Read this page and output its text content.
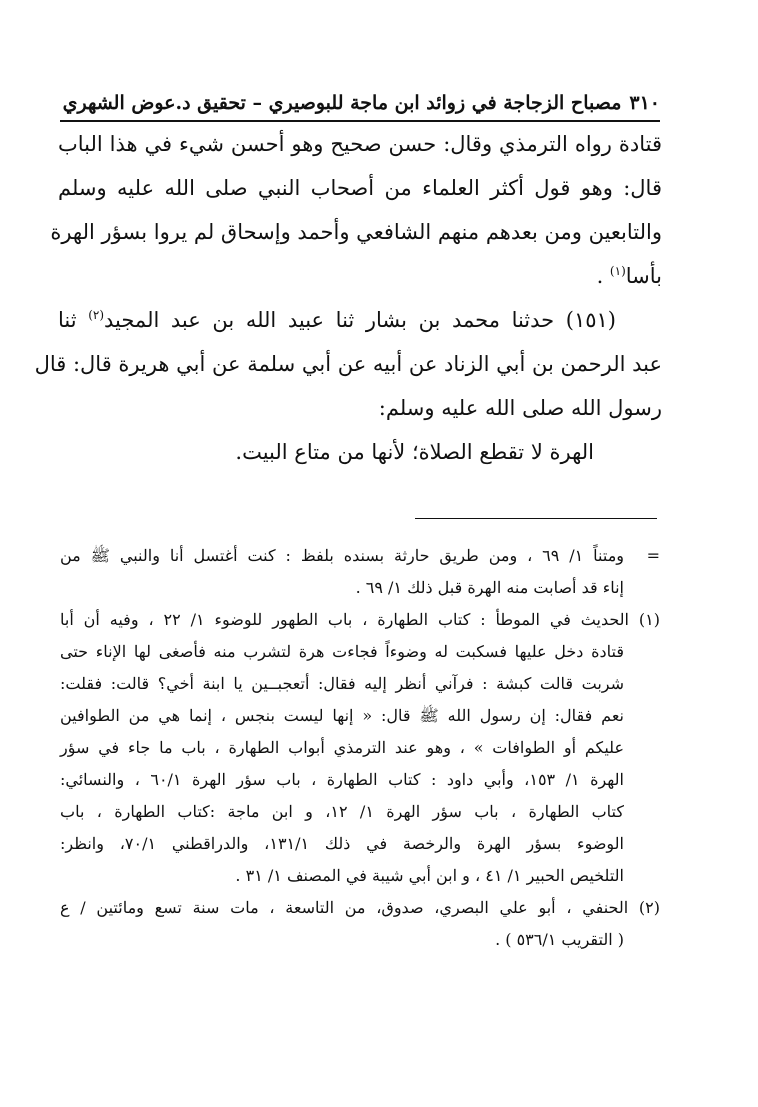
٣١٠مصباح الزجاجة في زوائد ابن ماجة للبوصيري – تحقيق د.عوض الشهري
قتادة رواه الترمذي وقال: حسن صحيح وهو أحسن شيء في هذا الباب
قال: وهو قول أكثر العلماء من أصحاب النبي صلى الله عليه وسلم
والتابعين ومن بعدهم منهم الشافعي وأحمد وإسحاق لم يروا بسؤر الهرة
بأسا$^{(١)}$ .
(١٥١) حدثنا محمد بن بشار ثنا عبيد الله بن عبد المجيد$^{(٢)}$ ثنا
عبد الرحمن بن أبي الزناد عن أبيه عن أبي سلمة عن أبي هريرة قال: قال
رسول الله صلى الله عليه وسلم:
الهرة لا تقطع الصلاة؛ لأنها من متاع البيت.
=
ومتناً ١/ ٦٩ ، ومن طريق حارثة بسنده بلفظ : كنت أغتسل أنا والنبي ﷺ من
إناء قد أصابت منه الهرة قبل ذلك ١/ ٦٩ .
(١) الحديث في الموطأ : كتاب الطهارة ، باب الطهور للوضوء ١/ ٢٢ ، وفيه أن أبا
قتادة دخل عليها فسكبت له وضوءاً فجاءت هرة لتشرب منه فأصغى لها الإناء حتى
شربت قالت كبشة : فرآني أنظر إليه فقال: أتعجبــين يا ابنة أخي؟ قالت: فقلت:
نعم فقال: إن رسول الله ﷺ قال: « إنها ليست بنجس ، إنما هي من الطوافين
عليكم أو الطوافات » ، وهو عند الترمذي أبواب الطهارة ، باب ما جاء في سؤر
الهرة ١/ ١٥٣، وأبي داود : كتاب الطهارة ، باب سؤر الهرة ٦٠/١ ، والنسائي:
كتاب الطهارة ، باب سؤر الهرة ١/ ١٢، و ابن ماجة :كتاب الطهارة ، باب
الوضوء بسؤر الهرة والرخصة في ذلك ١٣١/١، والدراقطني ٧٠/١، وانظر:
التلخيص الحبير ١/ ٤١ ، و ابن أبي شيبة في المصنف ١/ ٣١ .
(٢) الحنفي ، أبو علي البصري، صدوق، من التاسعة ، مات سنة تسع ومائتين / ع
( التقريب ٥٣٦/١ ) .
